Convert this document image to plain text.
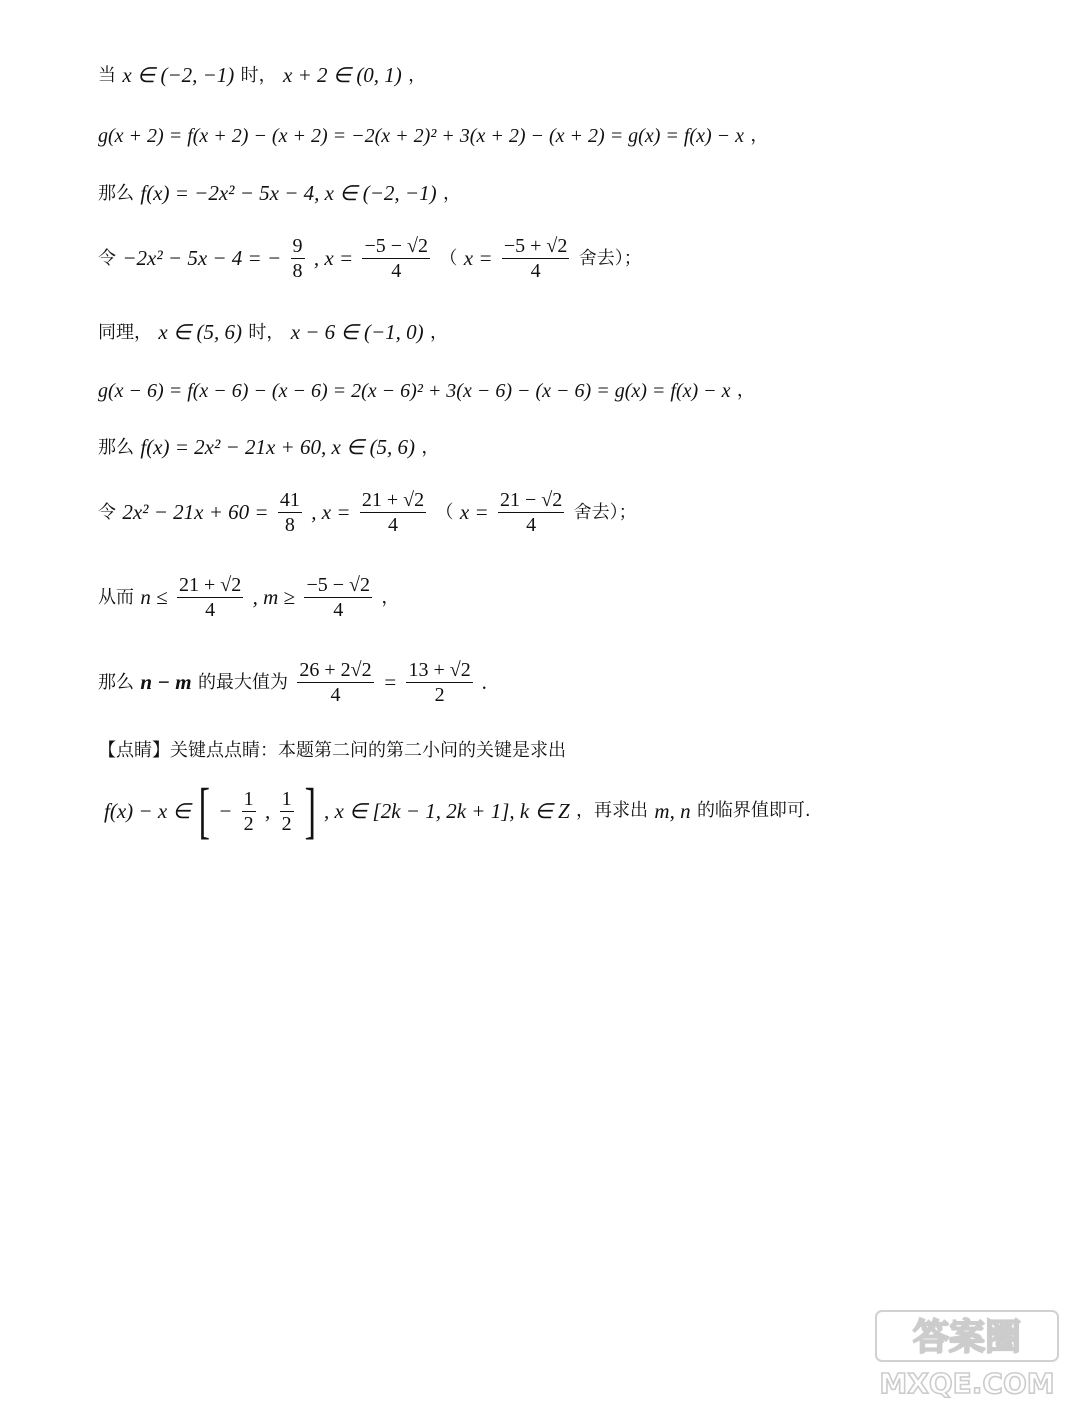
当 x ∈ (−2, −1) 时， x + 2 ∈ (0, 1) ，
g(x + 2) = f(x + 2) − (x + 2) = −2(x + 2)² + 3(x + 2) − (x + 2) = g(x) = f(x) − x ，
那么 f(x) = −2x² − 5x − 4, x ∈ (−2, −1) ，
令 −2x² − 5x − 4 = − $\frac{9}{8}$ , $x = \frac{-5 - √2}{4}$ （ $x = \frac{-5 + √2}{4}$ 舍去）；
同理， x ∈ (5, 6) 时， x − 6 ∈ (−1, 0) ，
g(x − 6) = f(x − 6) − (x − 6) = 2(x − 6)² + 3(x − 6) − (x − 6) = g(x) = f(x) − x ，
那么 f(x) = 2x² − 21x + 60, x ∈ (5, 6) ，
令 $2x^2 - 21x + 60 = \frac{41}{8}$ , $x = \frac{21 + √2}{4}$ （ $x = \frac{21 - √2}{4}$ 舍去）；
从而 $n \le \frac{21 + √2}{4}$ , $m \ge \frac{-5 - √2}{4}$ ，
那么 n − m 的最大值为 $\frac{26 + 2√2}{4} = \frac{13 + √2}{2}$ .
【点睛】关键点点睛：本题第二问的第二小问的关键是求出
f(x) − x ∈ [ − $\frac{1}{2}$ , $\frac{1}{2}$ ] , x ∈ [2k − 1, 2k + 1], k ∈ Z ，再求出 m, n 的临界值即可.
答案圈
MXQE.COM
